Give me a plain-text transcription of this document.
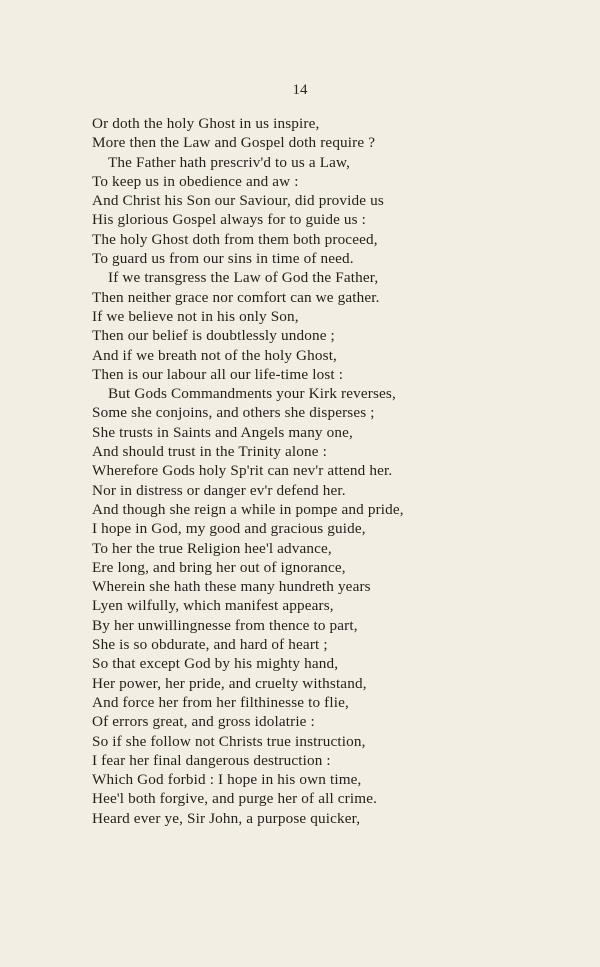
14
Or doth the holy Ghost in us inspire,
More then the Law and Gospel doth require ?
The Father hath prescriv'd to us a Law,
To keep us in obedience and aw :
And Christ his Son our Saviour, did provide us
His glorious Gospel always for to guide us :
The holy Ghost doth from them both proceed,
To guard us from our sins in time of need.
If we transgress the Law of God the Father,
Then neither grace nor comfort can we gather.
If we believe not in his only Son,
Then our belief is doubtlessly undone ;
And if we breath not of the holy Ghost,
Then is our labour all our life-time lost :
But Gods Commandments your Kirk reverses,
Some she conjoins, and others she disperses ;
She trusts in Saints and Angels many one,
And should trust in the Trinity alone :
Wherefore Gods holy Sp'rit can nev'r attend her.
Nor in distress or danger ev'r defend her.
And though she reign a while in pompe and pride,
I hope in God, my good and gracious guide,
To her the true Religion hee'l advance,
Ere long, and bring her out of ignorance,
Wherein she hath these many hundreth years
Lyen wilfully, which manifest appears,
By her unwillingnesse from thence to part,
She is so obdurate, and hard of heart ;
So that except God by his mighty hand,
Her power, her pride, and cruelty withstand,
And force her from her filthinesse to flie,
Of errors great, and gross idolatrie :
So if she follow not Christs true instruction,
I fear her final dangerous destruction :
Which God forbid : I hope in his own time,
Hee'l both forgive, and purge her of all crime.
Heard ever ye, Sir John, a purpose quicker,
